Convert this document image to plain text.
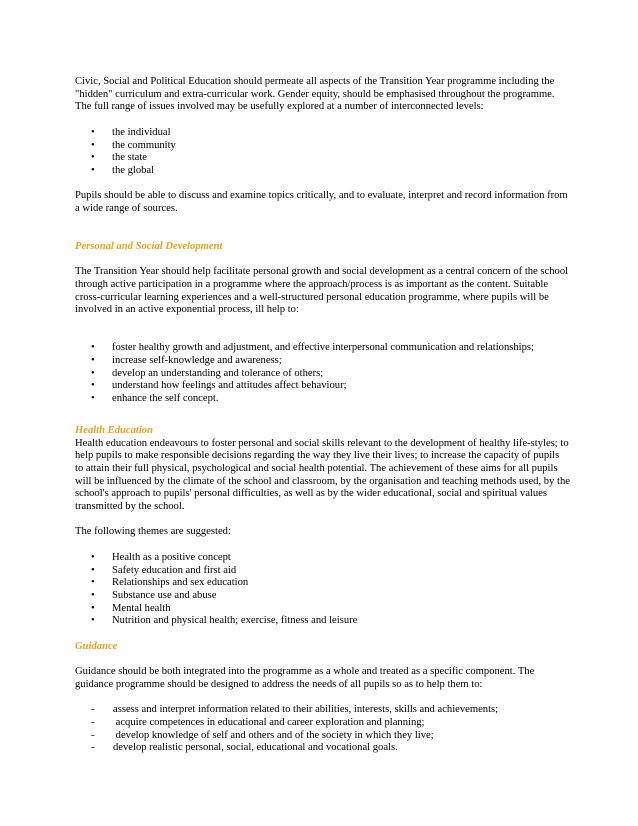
Civic, Social and Political Education should permeate all aspects of the Transition Year programme including the "hidden" curriculum and extra-curricular work. Gender equity, should be emphasised throughout the programme. The full range of issues involved may be usefully explored at a number of interconnected levels:

• the individual
• the community
• the state
• the global

Pupils should be able to discuss and examine topics critically, and to evaluate, interpret and record information from a wide range of sources.

Personal and Social Development

The Transition Year should help facilitate personal growth and social development as a central concern of the school through active participation in a programme where the approach/process is as important as the content. Suitable cross-curricular learning experiences and a well-structured personal education programme, where pupils will be involved in an active exponential process, ill help to:

• foster healthy growth and adjustment, and effective interpersonal communication and relationships;
• increase self-knowledge and awareness;
• develop an understanding and tolerance of others;
• understand how feelings and attitudes affect behaviour;
• enhance the self concept.

Health Education

Health education endeavours to foster personal and social skills relevant to the development of healthy life-styles; to help pupils to make responsible decisions regarding the way they live their lives; to increase the capacity of pupils to attain their full physical, psychological and social health potential. The achievement of these aims for all pupils will be influenced by the climate of the school and classroom, by the organisation and teaching methods used, by the school's approach to pupils' personal difficulties, as well as by the wider educational, social and spiritual values transmitted by the school.

The following themes are suggested:

• Health as a positive concept
• Safety education and first aid
• Relationships and sex education
• Substance use and abuse
• Mental health
• Nutrition and physical health; exercise, fitness and leisure

Guidance

Guidance should be both integrated into the programme as a whole and treated as a specific component. The guidance programme should be designed to address the needs of all pupils so as to help them to:

- assess and interpret information related to their abilities, interests, skills and achievements;
- acquire competences in educational and career exploration and planning;
- develop knowledge of self and others and of the society in which they live;
- develop realistic personal, social, educational and vocational goals.
